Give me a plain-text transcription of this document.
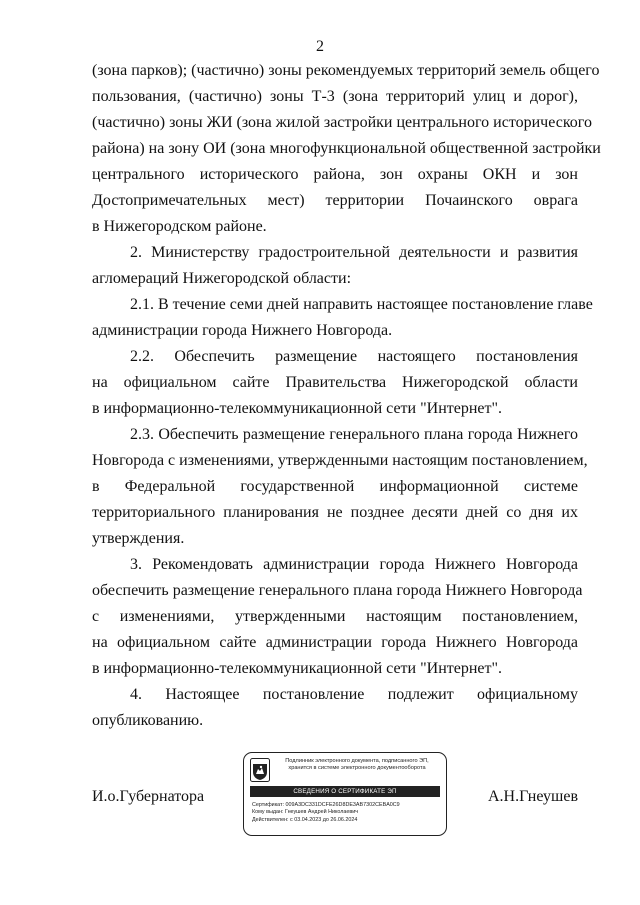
2
(зона парков); (частично) зоны рекомендуемых территорий земель общего
пользования, (частично) зоны Т-3 (зона территорий улиц и дорог),
(частично) зоны ЖИ (зона жилой застройки центрального исторического
района) на зону ОИ (зона многофункциональной общественной застройки
центрального исторического района, зон охраны ОКН и зон
Достопримечательных мест) территории Почаинского оврага
в Нижегородском районе.
2. Министерству градостроительной деятельности и развития
агломераций Нижегородской области:
2.1. В течение семи дней направить настоящее постановление главе
администрации города Нижнего Новгорода.
2.2. Обеспечить размещение настоящего постановления
на официальном сайте Правительства Нижегородской области
в информационно-телекоммуникационной сети "Интернет".
2.3. Обеспечить размещение генерального плана города Нижнего
Новгорода с изменениями, утвержденными настоящим постановлением,
в Федеральной государственной информационной системе
территориального планирования не позднее десяти дней со дня их
утверждения.
3. Рекомендовать администрации города Нижнего Новгорода
обеспечить размещение генерального плана города Нижнего Новгорода
с изменениями, утвержденными настоящим постановлением,
на официальном сайте администрации города Нижнего Новгорода
в информационно-телекоммуникационной сети "Интернет".
4. Настоящее постановление подлежит официальному
опубликованию.
Подлинник электронного документа, подписанного ЭП,
хранится в системе электронного документооборота
СВЕДЕНИЯ О СЕРТИФИКАТЕ ЭП
Сертификат: 009A3DC331DCFE26D8DE3AB7302CEBA0C9
Кому выдан: Гнеушев Андрей Николаевич
Действителен: с 03.04.2023 до 26.06.2024
И.о.Губернатора	А.Н.Гнеушев
